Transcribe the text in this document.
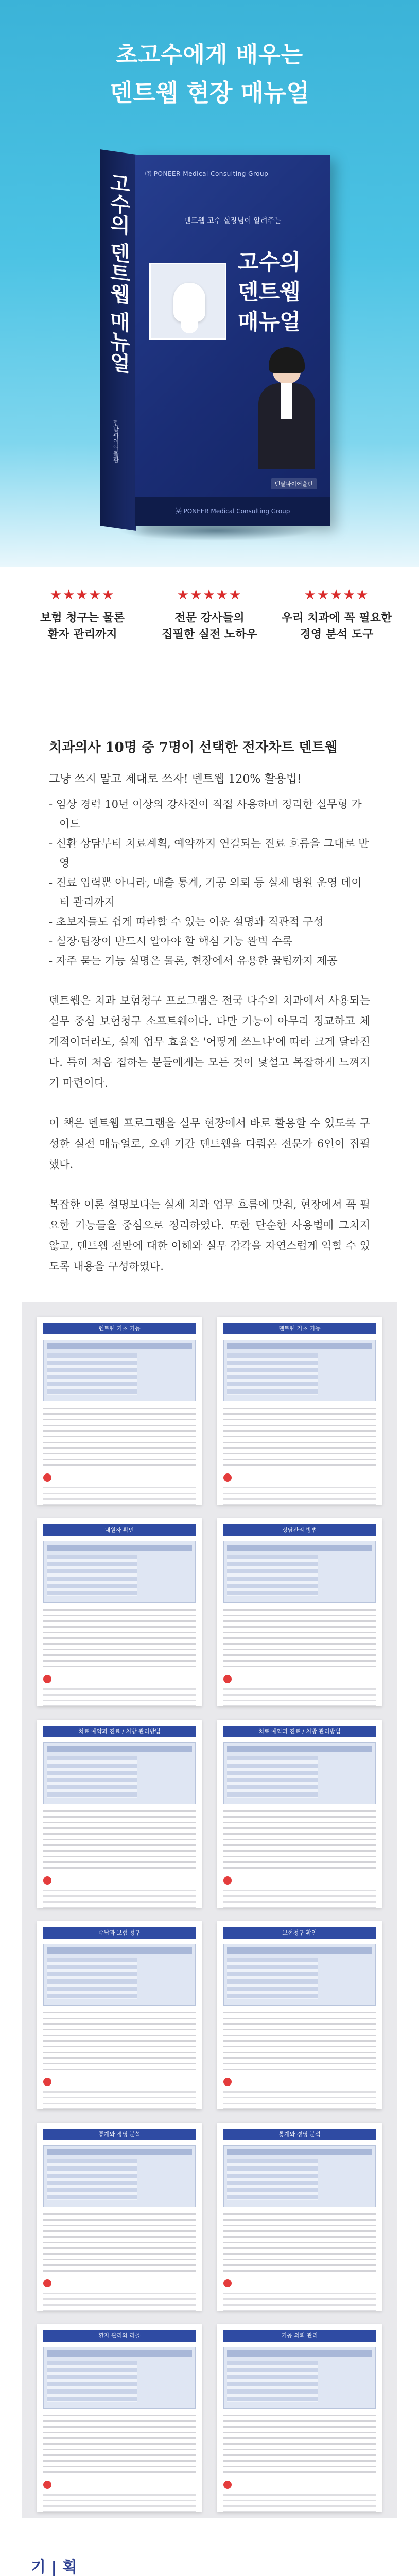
초고수에게 배우는
덴트웹 현장 매뉴얼
고수의 덴트웹 매뉴얼
덴탈파이어출판
㈜ PONEER Medical Consulting Group
덴트웹 고수 실장님이 알려주는
고수의
덴트웹
매뉴얼
덴탈파이어출판
㈜ PONEER Medical Consulting Group
★★★★★
보험 청구는 물론
환자 관리까지
★★★★★
전문 강사들의
집필한 실전 노하우
★★★★★
우리 치과에 꼭 필요한
경영 분석 도구
치과의사 10명 중 7명이 선택한 전자차트 덴트웹

그냥 쓰지 말고 제대로 쓰자! 덴트웹 120% 활용법!

- 임상 경력 10년 이상의 강사진이 직접 사용하며 정리한 실무형 가이드
- 신환 상담부터 치료계획, 예약까지 연결되는 진료 흐름을 그대로 반영
- 진료 입력뿐 아니라, 매출 통계, 기공 의뢰 등 실제 병원 운영 데이터 관리까지
- 초보자들도 쉽게 따라할 수 있는 이운 설명과 직관적 구성
- 실장·팀장이 반드시 알아야 할 핵심 기능 완벽 수록
- 자주 묻는 기능 설명은 물론, 현장에서 유용한 꿀팁까지 제공

덴트웹은 치과 보험청구 프로그램은 전국 다수의 치과에서 사용되는 실무 중심 보험청구 소프트웨어다. 다만 기능이 아무리 정교하고 체계적이더라도, 실제 업무 효율은 '어떻게 쓰느냐'에 따라 크게 달라진다. 특히 처음 접하는 분들에게는 모든 것이 낯설고 복잡하게 느껴지기 마련이다.

이 책은 덴트웹 프로그램을 실무 현장에서 바로 활용할 수 있도록 구성한 실전 매뉴얼로, 오랜 기간 덴트웹을 다뤄온 전문가 6인이 집필했다.

복잡한 이론 설명보다는 실제 치과 업무 흐름에 맞춰, 현장에서 꼭 필요한 기능들을 중심으로 정리하였다. 또한 단순한 사용법에 그치지 않고, 덴트웹 전반에 대한 이해와 실무 감각을 자연스럽게 익힐 수 있도록 내용을 구성하였다.

덴트웹 기초 기능	덴트웹 기초 기능
내원자 확인	상담관리 방법
치료 예약과 진료 / 처방 관리방법	치료 예약과 진료 / 처방 관리방법
수납과 보험 청구	보험청구 확인
통계와 경영 분석	통계와 경영 분석
환자 관리와 리콜	기공 의뢰 관리
기 | 획
